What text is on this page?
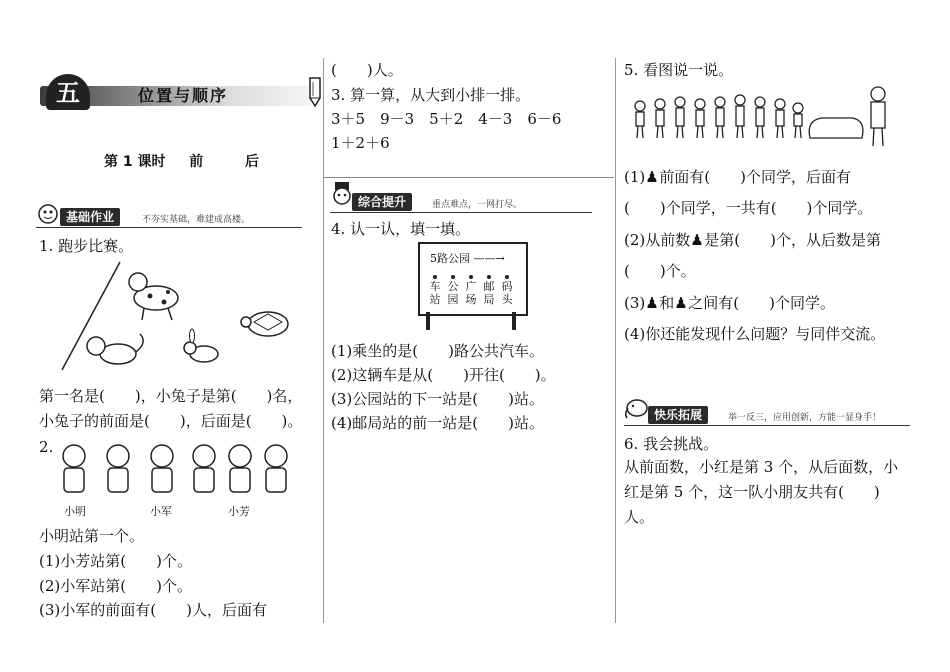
五	位置与顺序
第 1 课时 前	后
基础作业	不夯实基础，难建成高楼。
1. 跑步比赛。
第一名是(　　)，小兔子是第(　　)名，
小兔子的前面是(　　)，后面是(　　)。
2.
小明	小军	小芳
小明站第一个。
(1)小芳站第(　　)个。
(2)小军站第(　　)个。
(3)小军的前面有(　　)人，后面有
(　　)人。
3. 算一算，从大到小排一排。
3＋5　9－3　5＋2　4－3　6－6
1＋2＋6
综合提升	重点难点，一网打尽。
4. 认一认，填一填。
5路公园 ——→
车
站
公
园
广
场
邮
局
码
头
(1)乘坐的是(　　)路公共汽车。
(2)这辆车是从(　　)开往(　　)。
(3)公园站的下一站是(　　)站。
(4)邮局站的前一站是(　　)站。
5. 看图说一说。
(1)♟前面有(　　)个同学，后面有
(　　)个同学，一共有(　　)个同学。
(2)从前数♟是第(　　)个，从后数是第
(　　)个。
(3)♟和♟之间有(　　)个同学。
(4)你还能发现什么问题？与同伴交流。
快乐拓展	举一反三，应用创新，方能一显身手！
6. 我会挑战。
从前面数，小红是第 3 个，从后面数，小
红是第 5 个，这一队小朋友共有(　　)
人。
